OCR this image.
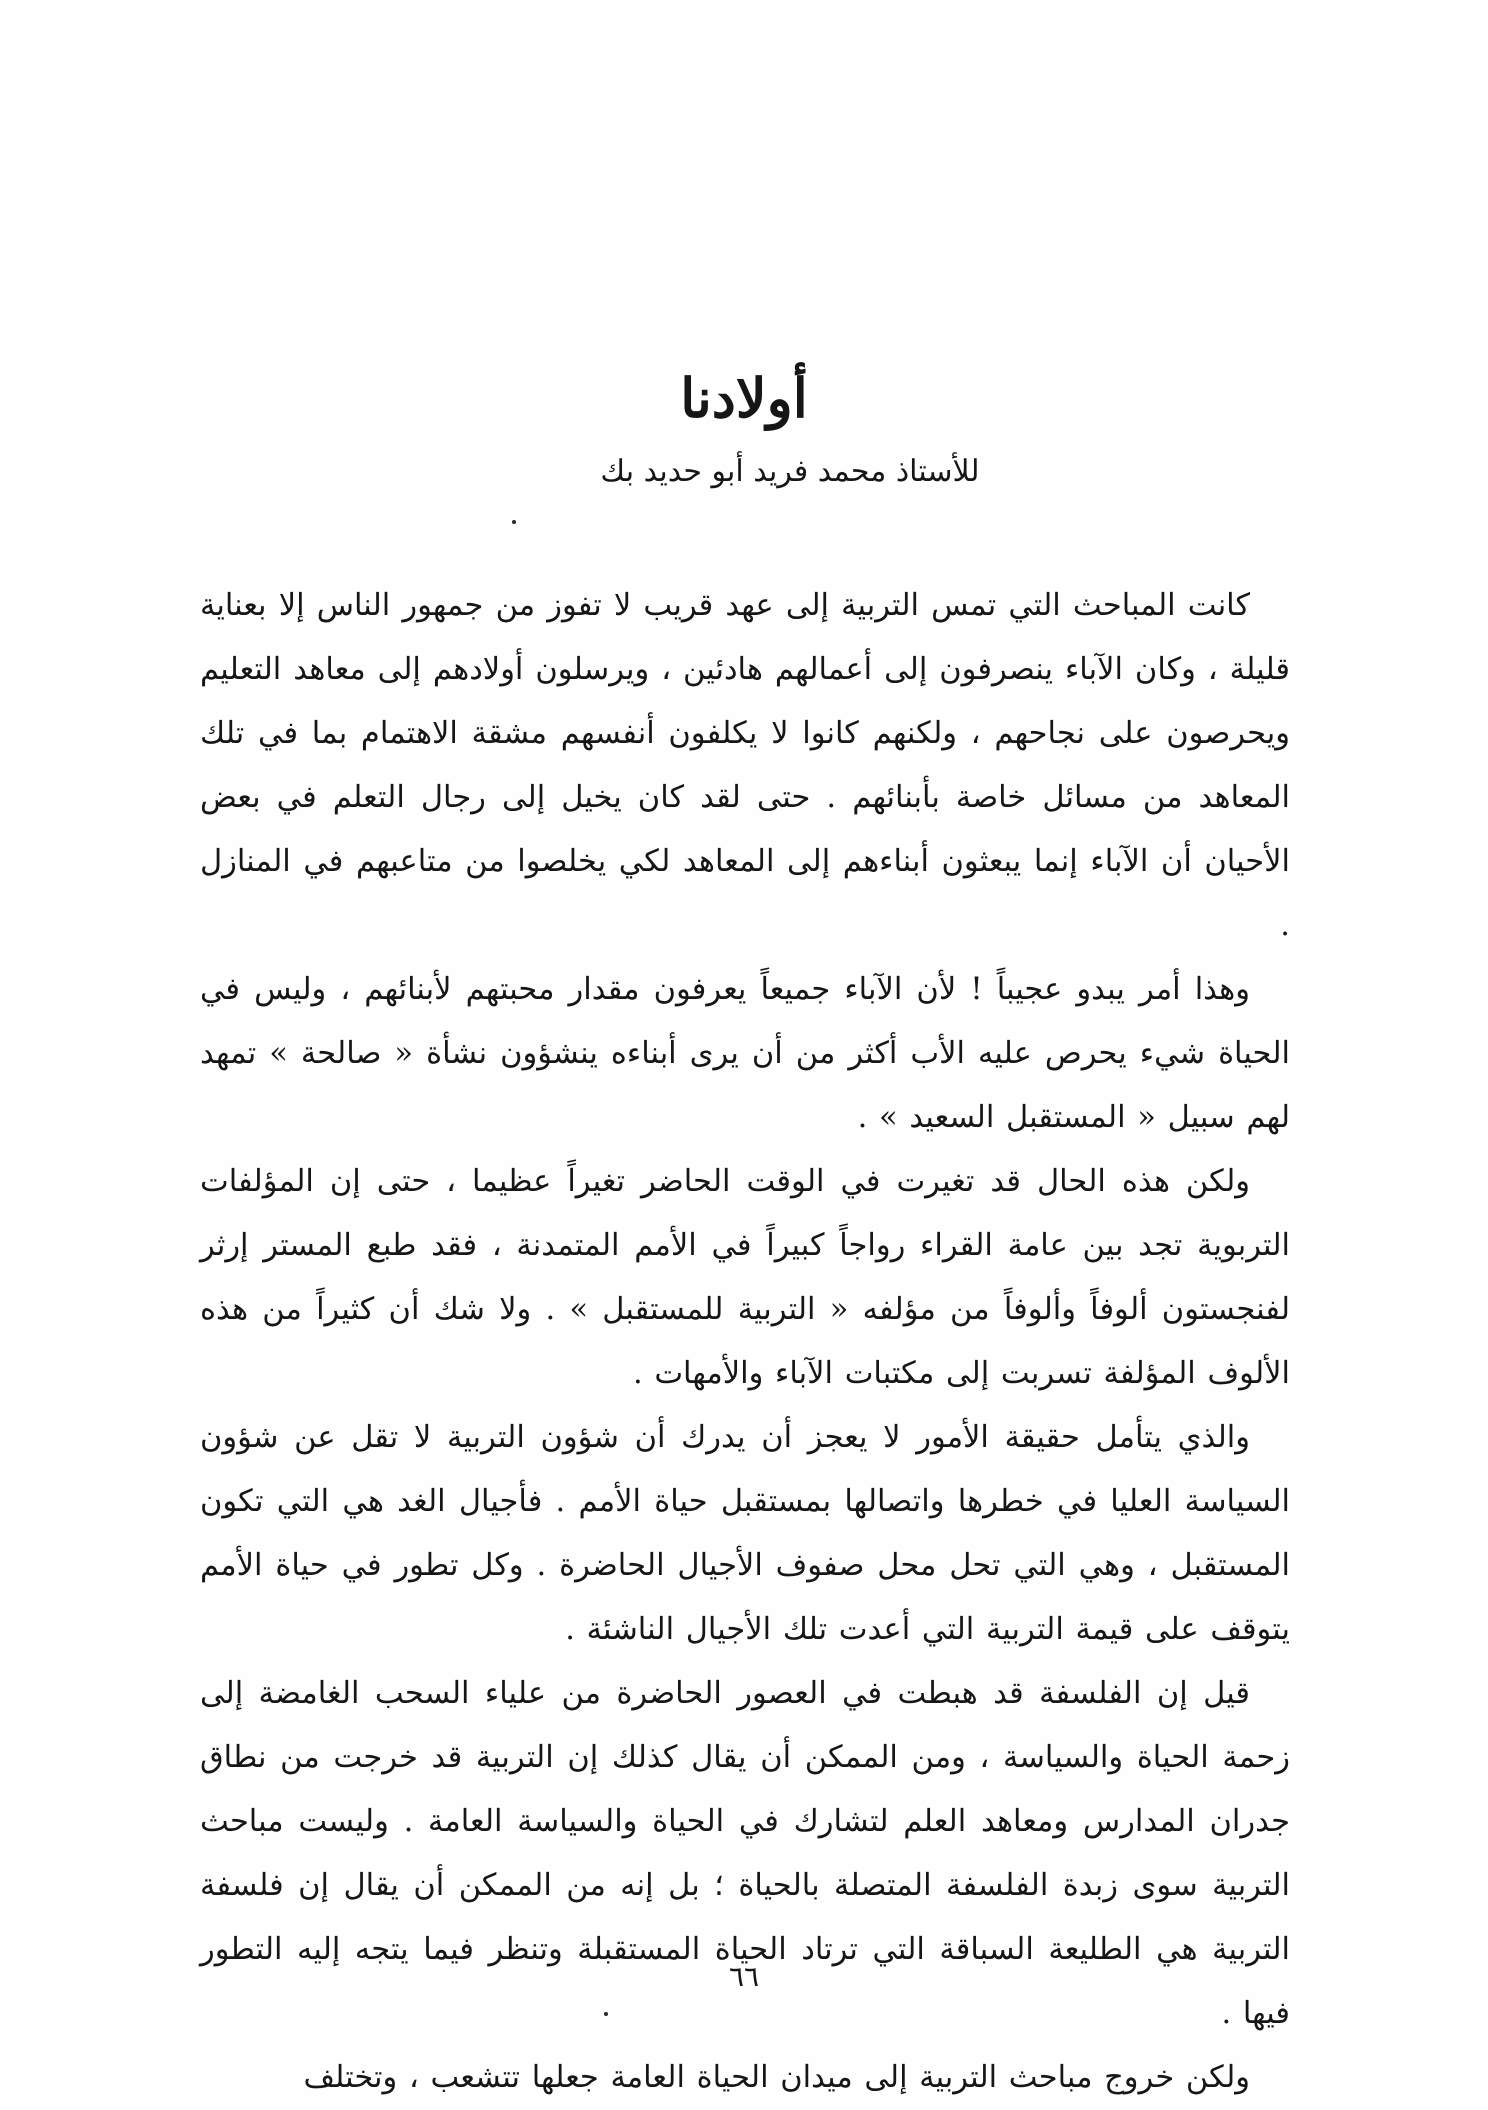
أولادنا
للأستاذ محمد فريد أبو حديد بك

كانت المباحث التي تمس التربية إلى عهد قريب لا تفوز من جمهور الناس إلا بعناية قليلة ، وكان الآباء ينصرفون إلى أعمالهم هادئين ، ويرسلون أولادهم إلى معاهد التعليم ويحرصون على نجاحهم ، ولكنهم كانوا لا يكلفون أنفسهم مشقة الاهتمام بما في تلك المعاهد من مسائل خاصة بأبنائهم . حتى لقد كان يخيل إلى رجال التعلم في بعض الأحيان أن الآباء إنما يبعثون أبناءهم إلى المعاهد لكي يخلصوا من متاعبهم في المنازل .

وهذا أمر يبدو عجيباً ! لأن الآباء جميعاً يعرفون مقدار محبتهم لأبنائهم ، وليس في الحياة شيء يحرص عليه الأب أكثر من أن يرى أبناءه ينشؤون نشأة « صالحة » تمهد لهم سبيل « المستقبل السعيد » .

ولكن هذه الحال قد تغيرت في الوقت الحاضر تغيراً عظيما ، حتى إن المؤلفات التربوية تجد بين عامة القراء رواجاً كبيراً في الأمم المتمدنة ، فقد طبع المستر إرثر لفنجستون ألوفاً وألوفاً من مؤلفه « التربية للمستقبل » . ولا شك أن كثيراً من هذه الألوف المؤلفة تسربت إلى مكتبات الآباء والأمهات .

والذي يتأمل حقيقة الأمور لا يعجز أن يدرك أن شؤون التربية لا تقل عن شؤون السياسة العليا في خطرها واتصالها بمستقبل حياة الأمم . فأجيال الغد هي التي تكون المستقبل ، وهي التي تحل محل صفوف الأجيال الحاضرة . وكل تطور في حياة الأمم يتوقف على قيمة التربية التي أعدت تلك الأجيال الناشئة .

قيل إن الفلسفة قد هبطت في العصور الحاضرة من علياء السحب الغامضة إلى زحمة الحياة والسياسة ، ومن الممكن أن يقال كذلك إن التربية قد خرجت من نطاق جدران المدارس ومعاهد العلم لتشارك في الحياة والسياسة العامة . وليست مباحث التربية سوى زبدة الفلسفة المتصلة بالحياة ؛ بل إنه من الممكن أن يقال إن فلسفة التربية هي الطليعة السباقة التي ترتاد الحياة المستقبلة وتنظر فيما يتجه إليه التطور فيها .

ولكن خروج مباحث التربية إلى ميدان الحياة العامة جعلها تتشعب ، وتختلف

٦٦
